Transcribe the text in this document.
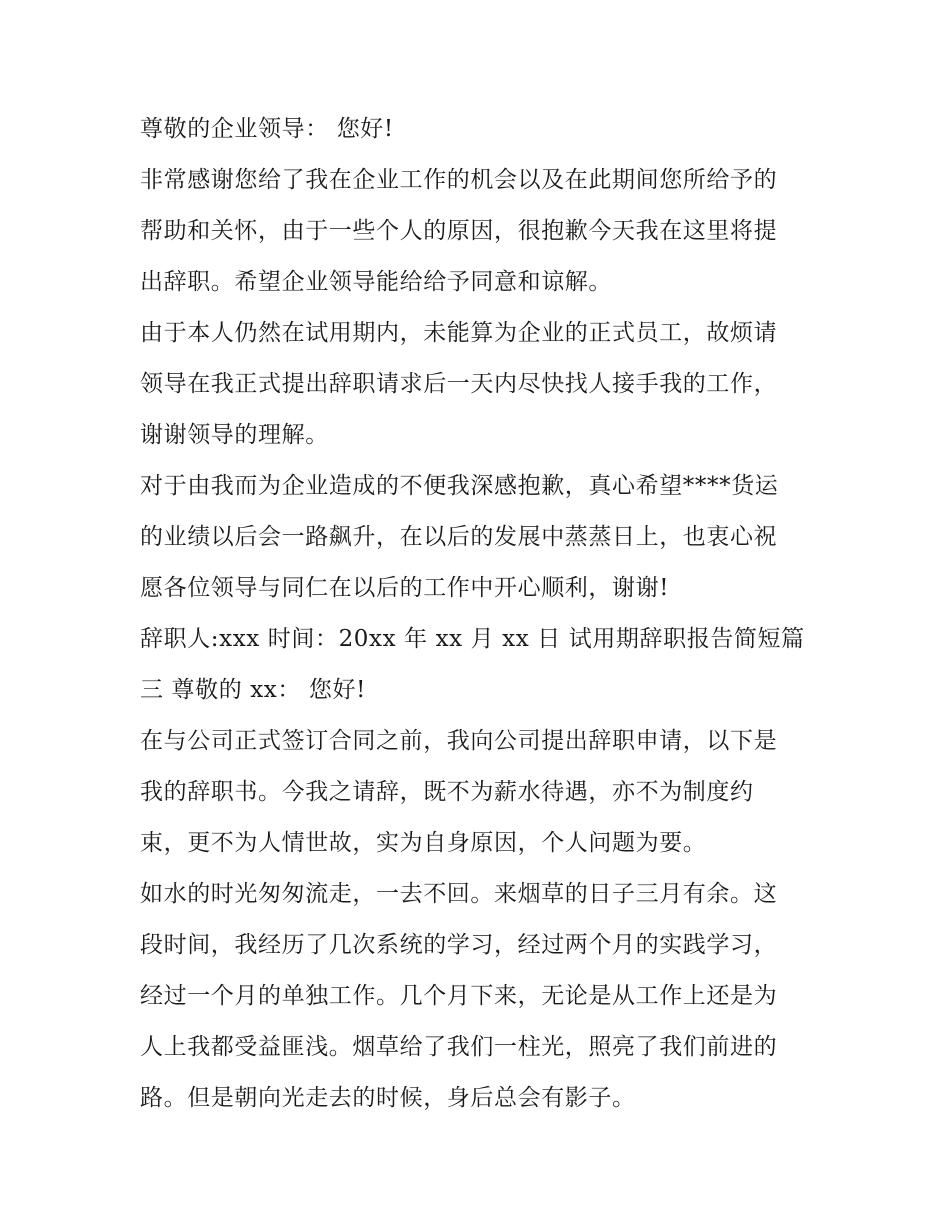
尊敬的企业领导： 您好!
非常感谢您给了我在企业工作的机会以及在此期间您所给予的
帮助和关怀，由于一些个人的原因，很抱歉今天我在这里将提
出辞职。希望企业领导能给给予同意和谅解。
由于本人仍然在试用期内，未能算为企业的正式员工，故烦请
领导在我正式提出辞职请求后一天内尽快找人接手我的工作，
谢谢领导的理解。
对于由我而为企业造成的不便我深感抱歉，真心希望****货运
的业绩以后会一路飙升，在以后的发展中蒸蒸日上，也衷心祝
愿各位领导与同仁在以后的工作中开心顺利，谢谢!
辞职人:xxx 时间：20xx 年 xx 月 xx 日 试用期辞职报告简短篇
三 尊敬的 xx： 您好!
在与公司正式签订合同之前，我向公司提出辞职申请，以下是
我的辞职书。今我之请辞，既不为薪水待遇，亦不为制度约
束，更不为人情世故，实为自身原因，个人问题为要。
如水的时光匆匆流走，一去不回。来烟草的日子三月有余。这
段时间，我经历了几次系统的学习，经过两个月的实践学习，
经过一个月的单独工作。几个月下来，无论是从工作上还是为
人上我都受益匪浅。烟草给了我们一柱光，照亮了我们前进的
路。但是朝向光走去的时候，身后总会有影子。
